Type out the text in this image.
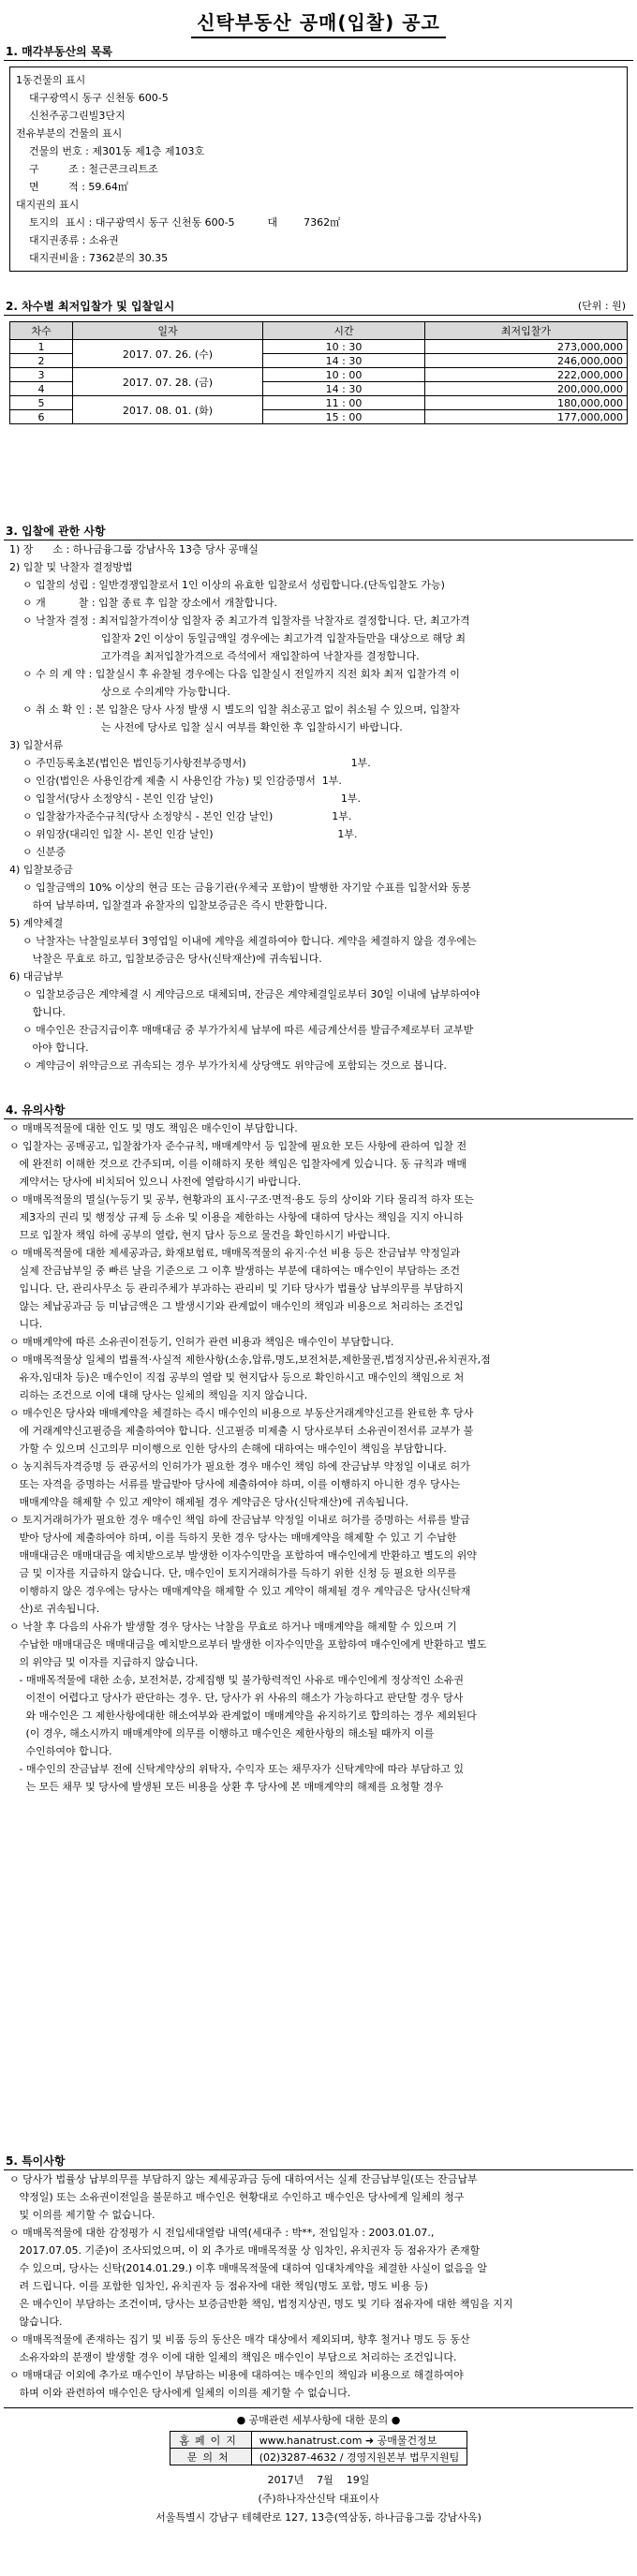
신탁부동산 공매(입찰) 공고
1. 매각부동산의 목록
1동건물의 표시
대구광역시 동구 신천동 600-5
신천주공그린빌3단지
전유부분의 건물의 표시
건물의 번호 : 제301동 제1층 제103호
구         조 : 철근콘크리트조
면         적 : 59.64㎡
대지권의 표시
토지의  표시 : 대구광역시 동구 신천동 600-5          대        7362㎡
대지권종류 : 소유권
대지권비율 : 7362분의 30.35
2. 차수별 최저입찰가 및 입찰일시	(단위 : 원)
차수	일자	시간	최저입찰가
1	2017. 07. 26. (수)	10 : 30	273,000,000
2		14 : 30	246,000,000
3	2017. 07. 28. (금)	10 : 00	222,000,000
4		14 : 30	200,000,000
5	2017. 08. 01. (화)	11 : 00	180,000,000
6		15 : 00	177,000,000
3. 입찰에 관한 사항
1) 장      소 : 하나금융그룹 강남사옥 13층 당사 공매실
2) 입찰 및 낙찰자 결정방법
ㅇ 입찰의 성립 : 일반경쟁입찰로서 1인 이상의 유효한 입찰로서 성립합니다.(단독입찰도 가능)
ㅇ 개          찰 : 입찰 종료 후 입찰 장소에서 개찰합니다.
ㅇ 낙찰자 결정 : 최저입찰가격이상 입찰자 중 최고가격 입찰자를 낙찰자로 결정합니다. 단, 최고가격
입찰자 2인 이상이 동일금액일 경우에는 최고가격 입찰자들만을 대상으로 해당 최
고가격을 최저입찰가격으로 즉석에서 재입찰하여 낙찰자를 결정합니다.
ㅇ 수 의 계 약 : 입찰실시 후 유찰될 경우에는 다음 입찰실시 전일까지 직전 회차 최저 입찰가격 이
상으로 수의계약 가능합니다.
ㅇ 취 소 확 인 : 본 입찰은 당사 사정 발생 시 별도의 입찰 취소공고 없이 취소될 수 있으며, 입찰자
는 사전에 당사로 입찰 실시 여부를 확인한 후 입찰하시기 바랍니다.
3) 입찰서류
ㅇ 주민등록초본(법인은 법인등기사항전부증명서)                                1부.
ㅇ 인감(법인은 사용인감계 제출 시 사용인감 가능) 및 인감증명서  1부.
ㅇ 입찰서(당사 소정양식 - 본인 인감 날인)                                       1부.
ㅇ 입찰참가자준수규칙(당사 소정양식 - 본인 인감 날인)                  1부.
ㅇ 위임장(대리인 입찰 시- 본인 인감 날인)                                      1부.
ㅇ 신분증
4) 입찰보증금
ㅇ 입찰금액의 10% 이상의 현금 또는 금융기관(우체국 포함)이 발행한 자기앞 수표를 입찰서와 동봉
하여 납부하며, 입찰결과 유찰자의 입찰보증금은 즉시 반환합니다.
5) 계약체결
ㅇ 낙찰자는 낙찰일로부터 3영업일 이내에 계약을 체결하여야 합니다. 계약을 체결하지 않을 경우에는
낙찰은 무효로 하고, 입찰보증금은 당사(신탁재산)에 귀속됩니다.
6) 대금납부
ㅇ 입찰보증금은 계약체결 시 계약금으로 대체되며, 잔금은 계약체결일로부터 30일 이내에 납부하여야
합니다.
ㅇ 매수인은 잔금지급이후 매매대금 중 부가가치세 납부에 따른 세금계산서를 발급주제로부터 교부받
아야 합니다.
ㅇ 계약금이 위약금으로 귀속되는 경우 부가가치세 상당액도 위약금에 포함되는 것으로 봅니다.
4. 유의사항
ㅇ 매매목적물에 대한 인도 및 명도 책임은 매수인이 부담합니다.
ㅇ 입찰자는 공매공고, 입찰참가자 준수규칙, 매매계약서 등 입찰에 필요한 모든 사항에 관하여 입찰 전
에 완전히 이해한 것으로 간주되며, 이를 이해하지 못한 책임은 입찰자에게 있습니다. 동 규칙과 매매
계약서는 당사에 비치되어 있으니 사전에 열람하시기 바랍니다.
ㅇ 매매목적물의 멸실(누등기 및 공부, 현황과의 표시·구조·면적·용도 등의 상이와 기타 물리적 하자 또는
제3자의 권리 및 행정상 규제 등 소유 및 이용을 제한하는 사항에 대하여 당사는 책임을 지지 아니하
므로 입찰자 책임 하에 공부의 열람, 현지 답사 등으로 물건을 확인하시기 바랍니다.
ㅇ 매매목적물에 대한 제세공과금, 화재보험료, 매매목적물의 유지·수선 비용 등은 잔금납부 약정일과
실제 잔금납부일 중 빠른 날을 기준으로 그 이후 발생하는 부분에 대하여는 매수인이 부담하는 조건
입니다. 단, 관리사무소 등 관리주체가 부과하는 관리비 및 기타 당사가 법률상 납부의무를 부담하지
않는 체납공과금 등 미납금액은 그 발생시기와 관계없이 매수인의 책임과 비용으로 처리하는 조건입
니다.
ㅇ 매매계약에 따른 소유권이전등기, 인허가 관련 비용과 책임은 매수인이 부담합니다.
ㅇ 매매목적물상 일체의 법률적·사실적 제한사항(소송,압류,명도,보전처분,제한물권,법정지상권,유치권자,점
유자,임대차 등)은 매수인이 직접 공부의 열람 및 현지답사 등으로 확인하시고 매수인의 책임으로 처
리하는 조건으로 이에 대해 당사는 일체의 책임을 지지 않습니다.
ㅇ 매수인은 당사와 매매계약을 체결하는 즉시 매수인의 비용으로 부동산거래계약신고를 완료한 후 당사
에 거래계약신고필증을 제출하여야 합니다. 신고필증 미제출 시 당사로부터 소유권이전서류 교부가 불
가할 수 있으며 신고의무 미이행으로 인한 당사의 손해에 대하여는 매수인이 책임을 부담합니다.
ㅇ 농지취득자격증명 등 관공서의 인허가가 필요한 경우 매수인 책임 하에 잔금납부 약정일 이내로 허가
또는 자격을 증명하는 서류를 발급받아 당사에 제출하여야 하며, 이를 이행하지 아니한 경우 당사는
매매계약을 해제할 수 있고 계약이 해제될 경우 계약금은 당사(신탁재산)에 귀속됩니다.
ㅇ 토지거래허가가 필요한 경우 매수인 책임 하에 잔금납부 약정일 이내로 허가를 증명하는 서류를 발급
받아 당사에 제출하여야 하며, 이를 득하지 못한 경우 당사는 매매계약을 해제할 수 있고 기 수납한
매매대금은 매매대금을 예치받으로부 발생한 이자수익만을 포함하여 매수인에게 반환하고 별도의 위약
금 및 이자를 지급하지 않습니다. 단, 매수인이 토지거래허가를 득하기 위한 신청 등 필요한 의무를
이행하지 않은 경우에는 당사는 매매계약을 해제할 수 있고 계약이 해제될 경우 계약금은 당사(신탁재
산)로 귀속됩니다.
ㅇ 낙찰 후 다음의 사유가 발생할 경우 당사는 낙찰을 무효로 하거나 매매계약을 해제할 수 있으며 기
수납한 매매대금은 매매대금을 예치받으로부터 발생한 이자수익만을 포함하여 매수인에게 반환하고 별도
의 위약금 및 이자를 지급하지 않습니다.
- 매매목적물에 대한 소송, 보전처분, 강제집행 및 불가항력적인 사유로 매수인에게 정상적인 소유권
이전이 어렵다고 당사가 판단하는 경우. 단, 당사가 위 사유의 해소가 가능하다고 판단할 경우 당사
와 매수인은 그 제한사항에대한 해소여부와 관계없이 매매계약을 유지하기로 합의하는 경우 제외된다
(이 경우, 해소시까지 매매계약에 의무를 이행하고 매수인은 제한사항의 해소될 때까지 이를
수인하여야 합니다.
- 매수인의 잔금납부 전에 신탁계약상의 위탁자, 수익자 또는 채무자가 신탁계약에 따라 부담하고 있
는 모든 채무 및 당사에 발생된 모든 비용을 상환 후 당사에 본 매매계약의 해제를 요청할 경우
5. 특이사항
ㅇ 당사가 법률상 납부의무를 부담하지 않는 제세공과금 등에 대하여서는 실제 잔금납부일(또는 잔금납부
약정일) 또는 소유권이전일을 불문하고 매수인은 현황대로 수인하고 매수인은 당사에게 일체의 청구
및 이의를 제기할 수 없습니다.
ㅇ 매매목적물에 대한 감정평가 시 전입세대열람 내역(세대주 : 박**, 전입일자 : 2003.01.07.,
2017.07.05. 기준)이 조사되었으며, 이 외 추가로 매매목적물 상 임차인, 유치권자 등 점유자가 존재할
수 있으며, 당사는 신탁(2014.01.29.) 이후 매매목적물에 대하여 임대차계약을 체결한 사실이 없음을 알
려 드립니다. 이를 포함한 임차인, 유치권자 등 점유자에 대한 책임(명도 포함, 명도 비용 등)
은 매수인이 부담하는 조건이며, 당사는 보증금반환 책임, 법정지상권, 명도 및 기타 점유자에 대한 책임을 지지
않습니다.
ㅇ 매매목적물에 존재하는 집기 및 비품 등의 동산은 매각 대상에서 제외되며, 향후 철거나 명도 등 동산
소유자와의 분쟁이 발생할 경우 이에 대한 일체의 책임은 매수인이 부담으로 처리하는 조건입니다.
ㅇ 매매대금 이외에 추가로 매수인이 부담하는 비용에 대하여는 매수인의 책임과 비용으로 해결하여야
하며 이와 관련하여 매수인은 당사에게 일체의 이의를 제기할 수 없습니다.
● 공매관련 세부사항에 대한 문의 ●
홈페이지	www.hanatrust.com ➜ 공매물건정보
문의처	(02)3287-4632 / 경영지원본부 법무지원팀
2017년    7월    19일
(주)하나자산신탁 대표이사
서울특별시 강남구 테헤란로 127, 13층(역삼동, 하나금융그룹 강남사옥)
